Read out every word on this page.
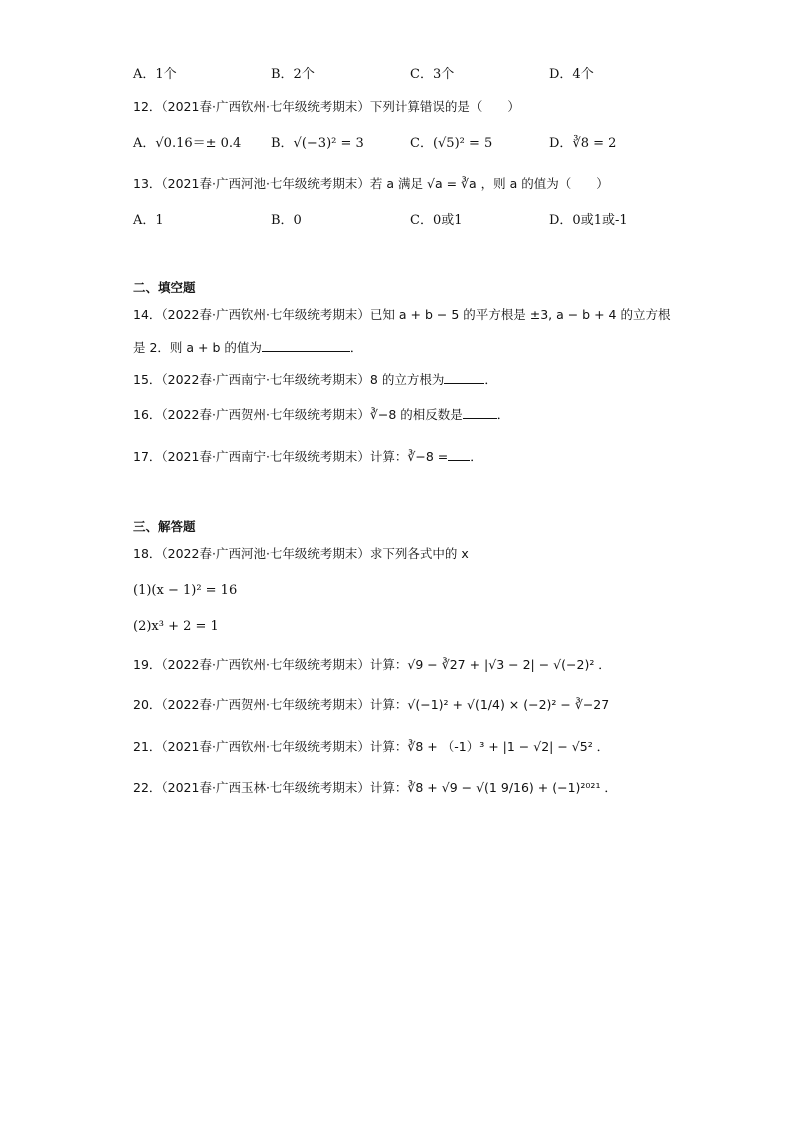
A．1个	B．2个	C．3个	D．4个
12．（2021春·广西钦州·七年级统考期末）下列计算错误的是（　　）
A．√0.16＝± 0.4 B．√(−3)² = 3	C．(√5)² = 5	D．∛8 = 2
13．（2021春·广西河池·七年级统考期末）若 a 满足 √a = ∛a ，则 a 的值为（　　）
A．1	B．0	C．0或1	D．0或1或-1
二、填空题
14．（2022春·广西钦州·七年级统考期末）已知 a + b − 5 的平方根是 ±3, a − b + 4 的立方根
是 2．则 a + b 的值为	．
15．（2022春·广西南宁·七年级统考期末）8 的立方根为	．
16．（2022春·广西贺州·七年级统考期末）∛−8 的相反数是	．
17．（2021春·广西南宁·七年级统考期末）计算：∛−8 = ．
三、解答题
18．（2022春·广西河池·七年级统考期末）求下列各式中的 x
(1)(x − 1)² = 16
(2)x³ + 2 = 1
19．（2022春·广西钦州·七年级统考期末）计算：√9 − ∛27 + |√3 − 2| − √(−2)² ．
20．（2022春·广西贺州·七年级统考期末）计算：√(−1)² + √(1/4) × (−2)² − ∛−27
21．（2021春·广西钦州·七年级统考期末）计算：∛8 + （-1）³ + |1 − √2| − √5² ．
22．（2021春·广西玉林·七年级统考期末）计算：∛8 + √9 − √(1 9/16) + (−1)²⁰²¹ ．
